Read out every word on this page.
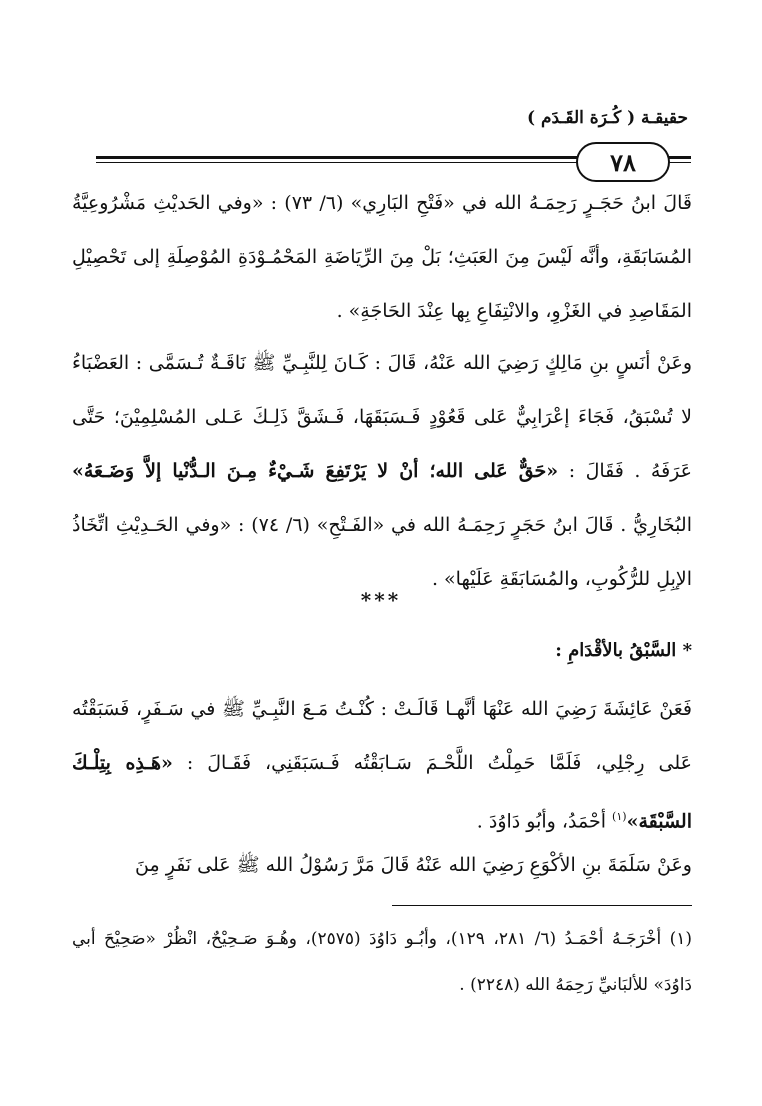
حقيقـة ( كُـرَة القَـدَم )
٧٨
قَالَ ابنُ حَجَـرٍ رَحِمَـهُ الله في «فَتْحِ البَارِي» (٦/ ٧٣) : «وفي الحَديْثِ مَشْرُوعِيَّةُ المُسَابَقَةِ، وأنَّه لَيْسَ مِنَ العَبَثِ؛ بَلْ مِنَ الرِّيَاضَةِ المَحْمُـوْدَةِ المُوْصِلَةِ إلى تَحْصِيْلِ المَقَاصِدِ في الغَزْوِ، والانْتِفَاعِ بِها عِنْدَ الحَاجَةِ» .
وعَنْ أنَسٍ بنِ مَالِكٍ رَضِيَ الله عَنْهُ، قَالَ : كَـانَ لِلنَّبِـيِّ ﷺ نَاقَـةٌ تُـسَمَّى : العَضْبَاءُ لا تُسْبَقُ، فَجَاءَ إعْرَابِيٌّ عَلى قَعُوْدٍ فَـسَبَقَهَا، فَـشَقَّ ذَلِـكَ عَـلى المُسْلِمِيْنَ؛ حَتَّى عَرَفَهُ . فَقَالَ : «حَقٌّ عَلى الله؛ أنْ لا يَرْتَفِعَ شَـيْءٌ مِـنَ الـدُّنْيا إلاَّ وَضَـعَهُ» البُخَارِيُّ . قَالَ ابنُ حَجَرٍ رَحِمَـهُ الله في «الفَـتْحِ» (٦/ ٧٤) : «وفي الحَـدِيْثِ اتِّخَاذُ الإبِلِ للرُّكُوبِ، والمُسَابَقَةِ عَلَيْها» .
***
* السَّبْقُ بالأقْدَامِ :
فَعَنْ عَائِشَةَ رَضِيَ الله عَنْهَا أنَّهـا قَالَـتْ : كُنْـتُ مَـعَ النَّبِـيِّ ﷺ في سَـفَرٍ، فَسَبَقْتُه عَلى رِجْلِي، فَلَمَّا حَمِلْتُ اللَّحْـمَ سَـابَقْتُه فَـسَبَقَنِي، فَقَـالَ : «هَـذِه بِتِلْـكَ السَّبْقَة»$^{(١)}$ أحْمَدُ، وأبُو دَاوُدَ .
وعَنْ سَلَمَةَ بنِ الأكْوَعِ رَضِيَ الله عَنْهُ قَالَ مَرَّ رَسُوْلُ الله ﷺ عَلى نَفَرٍ مِنَ
(١) أخْرَجَـهُ أحْمَـدُ (٦/ ٢٨١، ١٢٩)، وأبُـو دَاوُدَ (٢٥٧٥)، وهُـوَ صَـحِيْحٌ، انْظُرْ «صَحِيْحَ أبي دَاوُدَ» للألبَانيِّ رَحِمَهُ الله (٢٢٤٨) .
